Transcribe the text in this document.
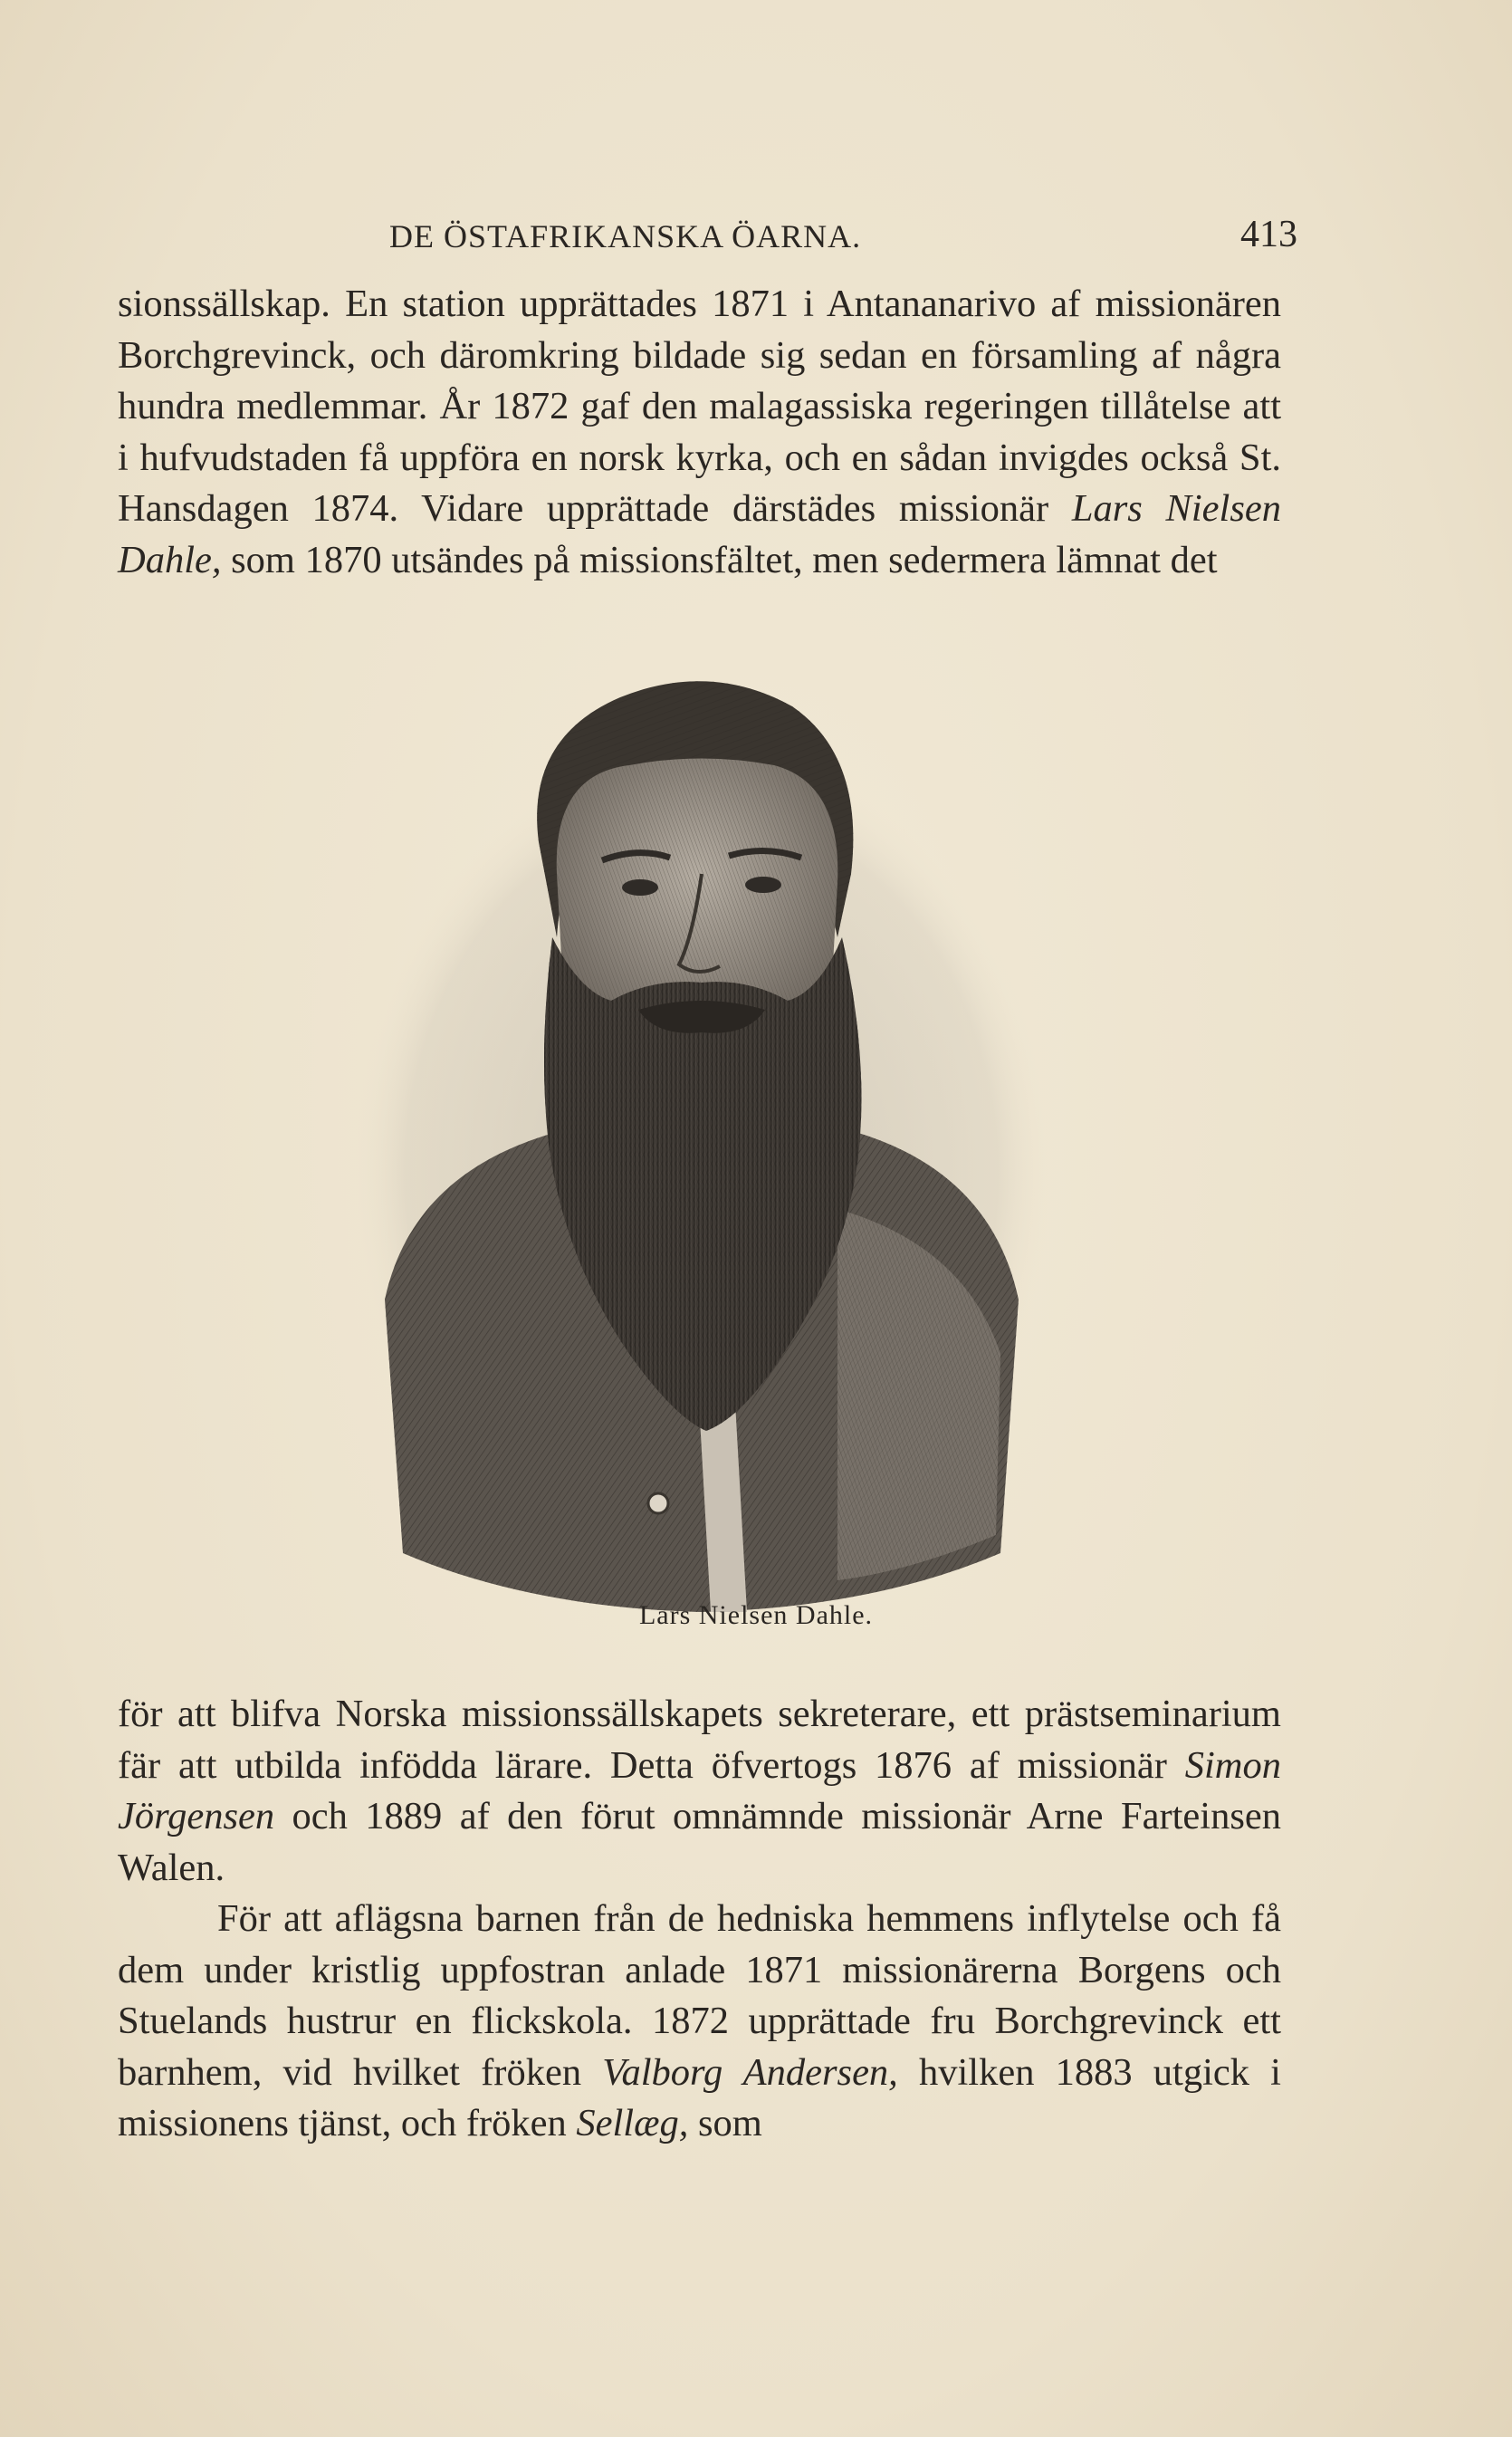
DE ÖSTAFRIKANSKA ÖARNA.	413

sionssällskap. En station upprättades 1871 i Antananarivo af missionären Borchgrevinck, och däromkring bildade sig sedan en församling af några hundra medlemmar. År 1872 gaf den malagassiska regeringen tillåtelse att i hufvudstaden få uppföra en norsk kyrka, och en sådan invigdes också St. Hansdagen 1874. Vidare upprättade därstädes missionär Lars Nielsen Dahle, som 1870 utsändes på missionsfältet, men sedermera lämnat det

Lars Nielsen Dahle.

för att blifva Norska missionssällskapets sekreterare, ett prästseminarium fär att utbilda infödda lärare. Detta öfvertogs 1876 af missionär Simon Jörgensen och 1889 af den förut omnämnde missionär Arne Farteinsen Walen.

För att aflägsna barnen från de hedniska hemmens inflytelse och få dem under kristlig uppfostran anlade 1871 missionärerna Borgens och Stuelands hustrur en flickskola. 1872 upprättade fru Borchgrevinck ett barnhem, vid hvilket fröken Valborg Andersen, hvilken 1883 utgick i missionens tjänst, och fröken Sellæg, som
